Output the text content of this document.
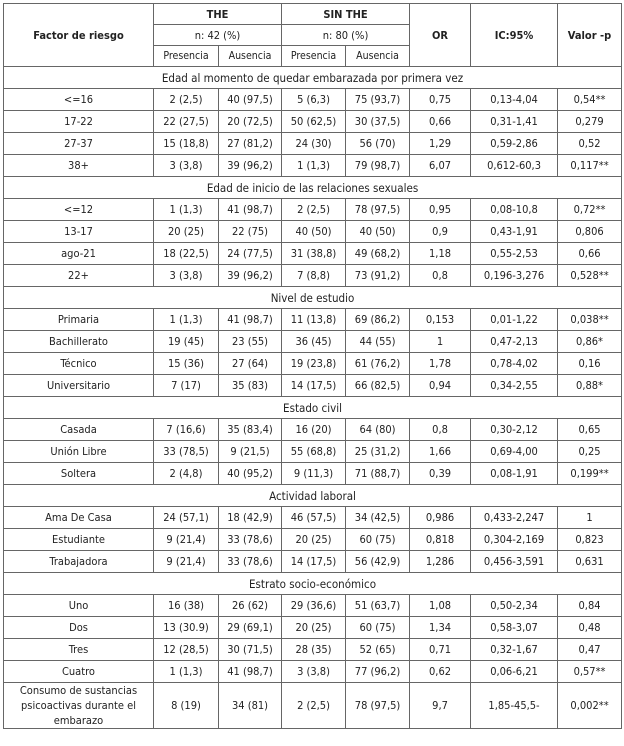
Factor de riesgo	THE		SIN THE		OR	IC:95%	Valor -p
	n: 42 (%)		n: 80 (%)				
	Presencia	Ausencia	Presencia	Ausencia			
Edad al momento de quedar embarazada por primera vez							
<=16	2 (2,5)	40 (97,5)	5 (6,3)	75 (93,7)	0,75	0,13-4,04	0,54**
17-22	22 (27,5)	20 (72,5)	50 (62,5)	30 (37,5)	0,66	0,31-1,41	0,279
27-37	15 (18,8)	27 (81,2)	24 (30)	56 (70)	1,29	0,59-2,86	0,52
38+	3 (3,8)	39 (96,2)	1 (1,3)	79 (98,7)	6,07	0,612-60,3	0,117**
Edad de inicio de las relaciones sexuales							
<=12	1 (1,3)	41 (98,7)	2 (2,5)	78 (97,5)	0,95	0,08-10,8	0,72**
13-17	20 (25)	22 (75)	40 (50)	40 (50)	0,9	0,43-1,91	0,806
ago-21	18 (22,5)	24 (77,5)	31 (38,8)	49 (68,2)	1,18	0,55-2,53	0,66
22+	3 (3,8)	39 (96,2)	7 (8,8)	73 (91,2)	0,8	0,196-3,276	0,528**
Nivel de estudio							
Primaria	1 (1,3)	41 (98,7)	11 (13,8)	69 (86,2)	0,153	0,01-1,22	0,038**
Bachillerato	19 (45)	23 (55)	36 (45)	44 (55)	1	0,47-2,13	0,86*
Técnico	15 (36)	27 (64)	19 (23,8)	61 (76,2)	1,78	0,78-4,02	0,16
Universitario	7 (17)	35 (83)	14 (17,5)	66 (82,5)	0,94	0,34-2,55	0,88*
Estado civil							
Casada	7 (16,6)	35 (83,4)	16 (20)	64 (80)	0,8	0,30-2,12	0,65
Unión Libre	33 (78,5)	9 (21,5)	55 (68,8)	25 (31,2)	1,66	0,69-4,00	0,25
Soltera	2 (4,8)	40 (95,2)	9 (11,3)	71 (88,7)	0,39	0,08-1,91	0,199**
Actividad laboral							
Ama De Casa	24 (57,1)	18 (42,9)	46 (57,5)	34 (42,5)	0,986	0,433-2,247	1
Estudiante	9 (21,4)	33 (78,6)	20 (25)	60 (75)	0,818	0,304-2,169	0,823
Trabajadora	9 (21,4)	33 (78,6)	14 (17,5)	56 (42,9)	1,286	0,456-3,591	0,631
Estrato socio-económico							
Uno	16 (38)	26 (62)	29 (36,6)	51 (63,7)	1,08	0,50-2,34	0,84
Dos	13 (30.9)	29 (69,1)	20 (25)	60 (75)	1,34	0,58-3,07	0,48
Tres	12 (28,5)	30 (71,5)	28 (35)	52 (65)	0,71	0,32-1,67	0,47
Cuatro	1 (1,3)	41 (98,7)	3 (3,8)	77 (96,2)	0,62	0,06-6,21	0,57**
Consumo de sustancias psicoactivas durante el embarazo	8 (19)	34 (81)	2 (2,5)	78 (97,5)	9,7	1,85-45,5-	0,002**
